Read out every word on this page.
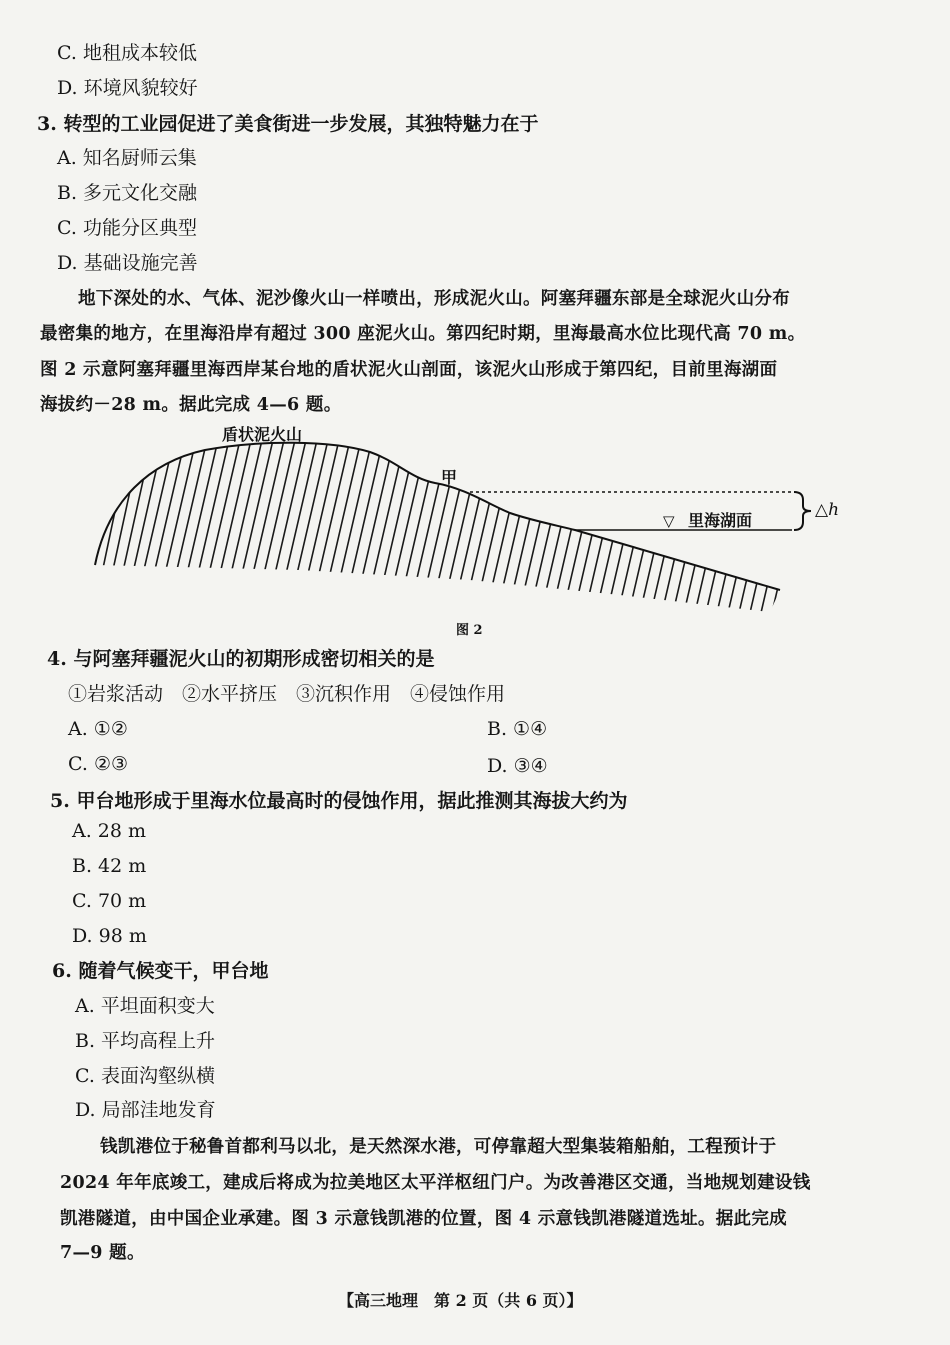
C. 地租成本较低
D. 环境风貌较好
3. 转型的工业园促进了美食街进一步发展，其独特魅力在于
A. 知名厨师云集
B. 多元文化交融
C. 功能分区典型
D. 基础设施完善
地下深处的水、气体、泥沙像火山一样喷出，形成泥火山。阿塞拜疆东部是全球泥火山分布
最密集的地方，在里海沿岸有超过 300 座泥火山。第四纪时期，里海最高水位比现代高 70 m。
图 2 示意阿塞拜疆里海西岸某台地的盾状泥火山剖面，该泥火山形成于第四纪，目前里海湖面
海拔约－28 m。据此完成 4—6 题。
盾状泥火山
甲
▽ 里海湖面
△h
图 2
4. 与阿塞拜疆泥火山的初期形成密切相关的是
①岩浆活动　②水平挤压　③沉积作用　④侵蚀作用
A. ①②	B. ①④
C. ②③	D. ③④
5. 甲台地形成于里海水位最高时的侵蚀作用，据此推测其海拔大约为
A. 28 m
B. 42 m
C. 70 m
D. 98 m
6. 随着气候变干，甲台地
A. 平坦面积变大
B. 平均高程上升
C. 表面沟壑纵横
D. 局部洼地发育
钱凯港位于秘鲁首都利马以北，是天然深水港，可停靠超大型集装箱船舶，工程预计于
2024 年年底竣工，建成后将成为拉美地区太平洋枢纽门户。为改善港区交通，当地规划建设钱
凯港隧道，由中国企业承建。图 3 示意钱凯港的位置，图 4 示意钱凯港隧道选址。据此完成
7—9 题。
【高三地理　第 2 页（共 6 页）】
